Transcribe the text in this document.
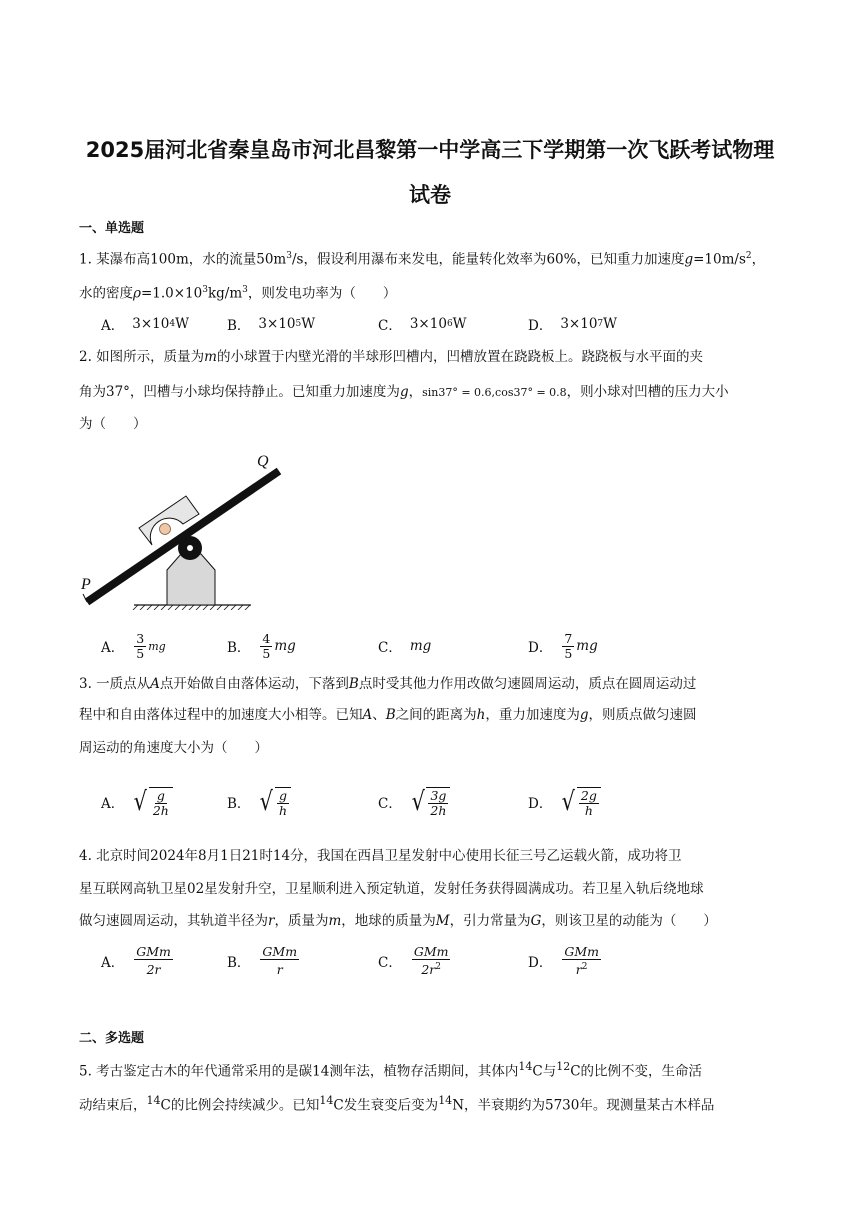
2025届河北省秦皇岛市河北昌黎第一中学高三下学期第一次飞跃考试物理
试卷
一、单选题
1. 某瀑布高100m，水的流量$50m^3/s$，假设利用瀑布来发电，能量转化效率为60%，已知重力加速度$g=10m/s^2$，
水的密度$\rho=1.0\times 10^3kg/m^3$，则发电功率为（　　）
A． 3×10 4 W	B． 3×10 5 W	C． 3×10 6 W	D． 3×10 7 W
2. 如图所示，质量为m的小球置于内壁光滑的半球形凹槽内，凹槽放置在跷跷板上。跷跷板与水平面的夹
角为37°，凹槽与小球均保持静止。已知重力加速度为g，sin37° = 0.6,cos37° = 0.8，则小球对凹槽的压力大小
为（　　）
Q
P
A． $\frac{3}{5}$ mg	B． $\frac{4}{5}$ mg	C． mg	D． $\frac{7}{5}$ mg
3. 一质点从A点开始做自由落体运动，下落到B点时受其他力作用改做匀速圆周运动，质点在圆周运动过
程中和自由落体过程中的加速度大小相等。已知A、B之间的距离为h，重力加速度为g，则质点做匀速圆
周运动的角速度大小为（　　）
A． √ $\frac{g}{2h}$	B． √ $\frac{g}{h}$	C． √ $\frac{3g}{2h}$	D． √ $\frac{2g}{h}$
4. 北京时间2024年8月1日21时14分，我国在西昌卫星发射中心使用长征三号乙运载火箭，成功将卫
星互联网高轨卫星02星发射升空，卫星顺利进入预定轨道，发射任务获得圆满成功。若卫星入轨后绕地球
做匀速圆周运动，其轨道半径为r，质量为m，地球的质量为M，引力常量为G，则该卫星的动能为（　　）
A． $\frac{\text{GMm}}{2r}$	B． $\frac{\text{GMm}}{r}$	C． $\frac{\text{GMm}}{2r^2}$	D． $\frac{\text{GMm}}{r^2}$
二、多选题
5. 考古鉴定古木的年代通常采用的是碳14测年法，植物存活期间，其体内$^{14}$C与$^{12}$C的比例不变，生命活
动结束后，$^{14}$C的比例会持续减少。已知$^{14}$C发生衰变后变为$^{14}$N，半衰期约为5730年。现测量某古木样品
